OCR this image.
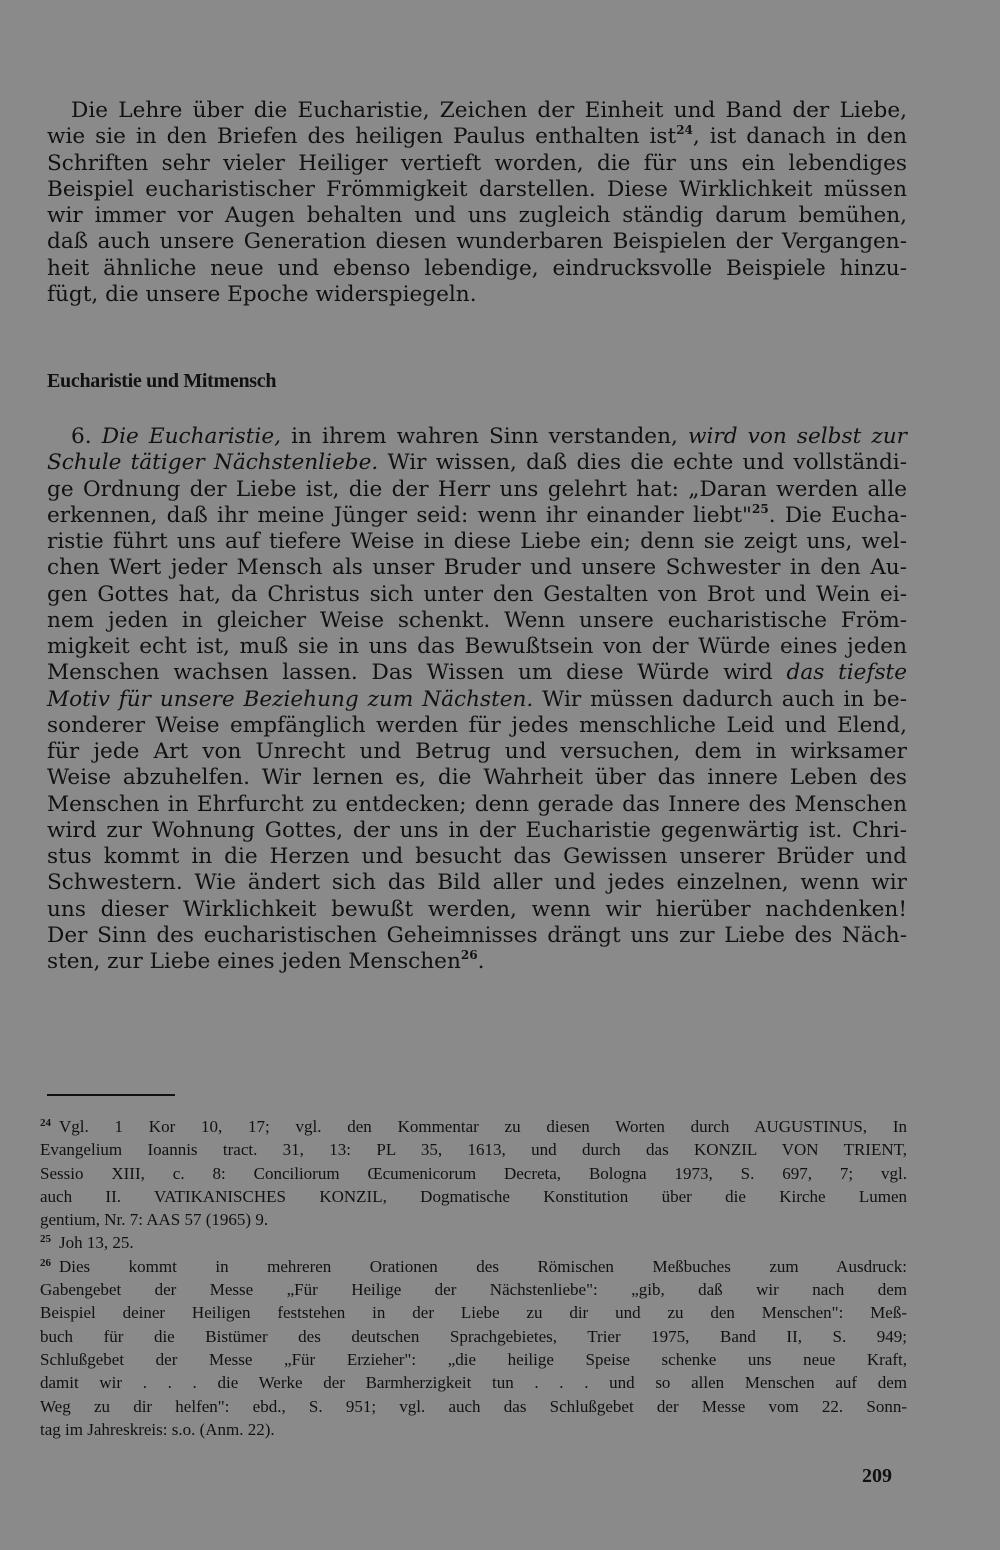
Die Lehre über die Eucharistie, Zeichen der Einheit und Band der Liebe,
wie sie in den Briefen des heiligen Paulus enthalten ist$^{24}$, ist danach in den
Schriften sehr vieler Heiliger vertieft worden, die für uns ein lebendiges
Beispiel eucharistischer Frömmigkeit darstellen. Diese Wirklichkeit müssen
wir immer vor Augen behalten und uns zugleich ständig darum bemühen,
daß auch unsere Generation diesen wunderbaren Beispielen der Vergangen-
heit ähnliche neue und ebenso lebendige, eindrucksvolle Beispiele hinzu-
fügt, die unsere Epoche widerspiegeln.
Eucharistie und Mitmensch
6. Die Eucharistie, in ihrem wahren Sinn verstanden, wird von selbst zur
Schule tätiger Nächstenliebe. Wir wissen, daß dies die echte und vollständi-
ge Ordnung der Liebe ist, die der Herr uns gelehrt hat: „Daran werden alle
erkennen, daß ihr meine Jünger seid: wenn ihr einander liebt"$^{25}$. Die Eucha-
ristie führt uns auf tiefere Weise in diese Liebe ein; denn sie zeigt uns, wel-
chen Wert jeder Mensch als unser Bruder und unsere Schwester in den Au-
gen Gottes hat, da Christus sich unter den Gestalten von Brot und Wein ei-
nem jeden in gleicher Weise schenkt. Wenn unsere eucharistische Fröm-
migkeit echt ist, muß sie in uns das Bewußtsein von der Würde eines jeden
Menschen wachsen lassen. Das Wissen um diese Würde wird das tiefste
Motiv für unsere Beziehung zum Nächsten. Wir müssen dadurch auch in be-
sonderer Weise empfänglich werden für jedes menschliche Leid und Elend,
für jede Art von Unrecht und Betrug und versuchen, dem in wirksamer
Weise abzuhelfen. Wir lernen es, die Wahrheit über das innere Leben des
Menschen in Ehrfurcht zu entdecken; denn gerade das Innere des Menschen
wird zur Wohnung Gottes, der uns in der Eucharistie gegenwärtig ist. Chri-
stus kommt in die Herzen und besucht das Gewissen unserer Brüder und
Schwestern. Wie ändert sich das Bild aller und jedes einzelnen, wenn wir
uns dieser Wirklichkeit bewußt werden, wenn wir hierüber nachdenken!
Der Sinn des eucharistischen Geheimnisses drängt uns zur Liebe des Näch-
sten, zur Liebe eines jeden Menschen$^{26}$.
$^{24}$ Vgl. 1 Kor 10, 17; vgl. den Kommentar zu diesen Worten durch AUGUSTINUS, In
Evangelium Ioannis tract. 31, 13: PL 35, 1613, und durch das KONZIL VON TRIENT,
Sessio XIII, c. 8: Conciliorum Œcumenicorum Decreta, Bologna 1973, S. 697, 7; vgl.
auch II. VATIKANISCHES KONZIL, Dogmatische Konstitution über die Kirche Lumen
gentium, Nr. 7: AAS 57 (1965) 9.
$^{25}$ Joh 13, 25.
$^{26}$ Dies kommt in mehreren Orationen des Römischen Meßbuches zum Ausdruck:
Gabengebet der Messe „Für Heilige der Nächstenliebe": „gib, daß wir nach dem
Beispiel deiner Heiligen feststehen in der Liebe zu dir und zu den Menschen": Meß-
buch für die Bistümer des deutschen Sprachgebietes, Trier 1975, Band II, S. 949;
Schlußgebet der Messe „Für Erzieher": „die heilige Speise schenke uns neue Kraft,
damit wir . . . die Werke der Barmherzigkeit tun . . . und so allen Menschen auf dem
Weg zu dir helfen": ebd., S. 951; vgl. auch das Schlußgebet der Messe vom 22. Sonn-
tag im Jahreskreis: s.o. (Anm. 22).
209
